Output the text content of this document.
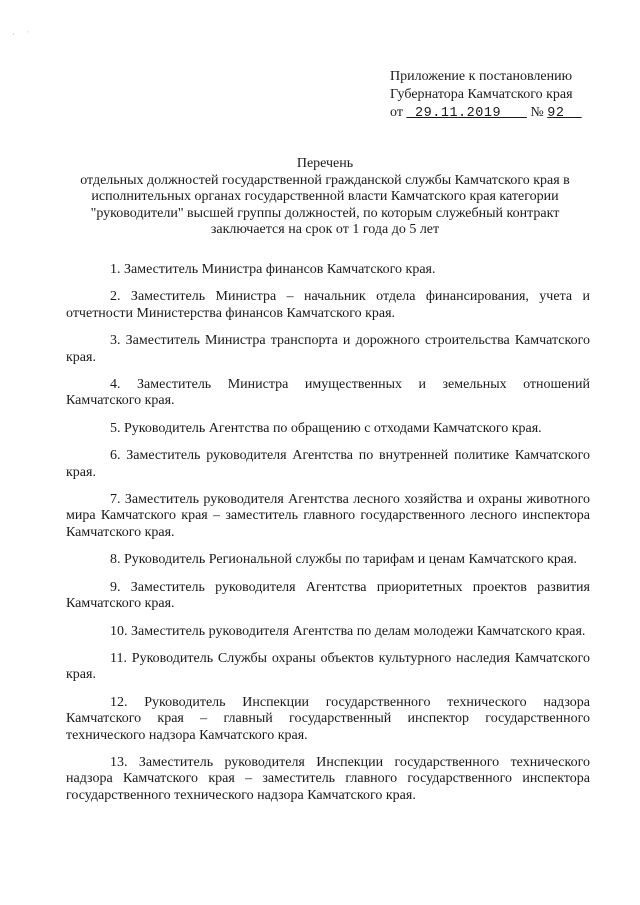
·      ˈ
Приложение к постановлению
Губернатора Камчатского края
от 29.11.2019 № 92
Перечень
отдельных должностей государственной гражданской службы Камчатского края в исполнительных органах государственной власти Камчатского края категории "руководители" высшей группы должностей, по которым служебный контракт заключается на срок от 1 года до 5 лет

1. Заместитель Министра финансов Камчатского края.

2. Заместитель Министра – начальник отдела финансирования, учета и отчетности Министерства финансов Камчатского края.

3. Заместитель Министра транспорта и дорожного строительства Камчатского края.

4. Заместитель Министра имущественных и земельных отношений Камчатского края.

5. Руководитель Агентства по обращению с отходами Камчатского края.

6. Заместитель руководителя Агентства по внутренней политике Камчатского края.

7. Заместитель руководителя Агентства лесного хозяйства и охраны животного мира Камчатского края – заместитель главного государственного лесного инспектора Камчатского края.

8. Руководитель Региональной службы по тарифам и ценам Камчатского края.

9. Заместитель руководителя Агентства приоритетных проектов развития Камчатского края.

10. Заместитель руководителя Агентства по делам молодежи Камчатского края.

11. Руководитель Службы охраны объектов культурного наследия Камчатского края.

12. Руководитель Инспекции государственного технического надзора Камчатского края – главный государственный инспектор государственного технического надзора Камчатского края.

13. Заместитель руководителя Инспекции государственного технического надзора Камчатского края – заместитель главного государственного инспектора государственного технического надзора Камчатского края.
